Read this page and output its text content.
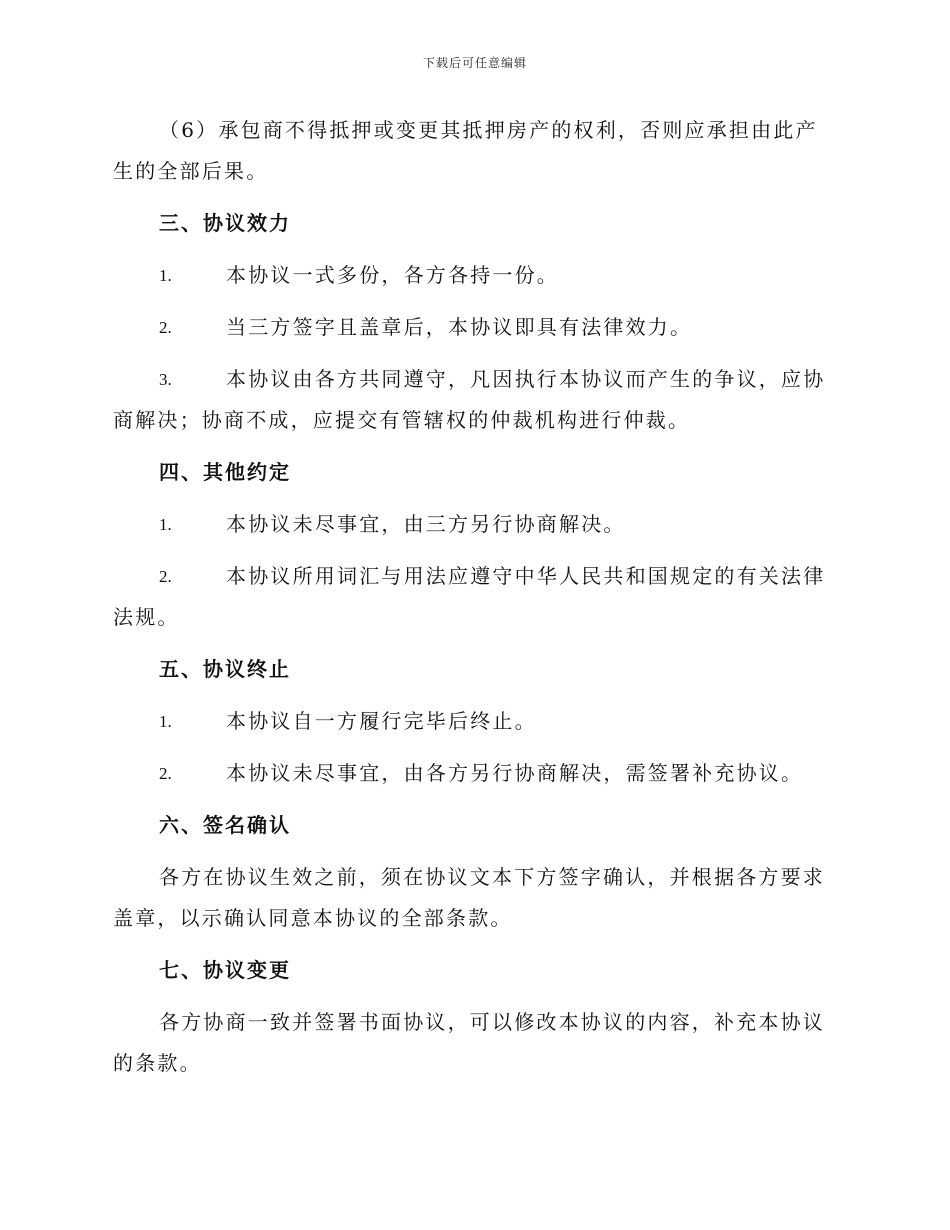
下载后可任意编辑

（6）承包商不得抵押或变更其抵押房产的权利，否则应承担由此产生的全部后果。

三、协议效力

1.	本协议一式多份，各方各持一份。
2.	当三方签字且盖章后，本协议即具有法律效力。
3.	本协议由各方共同遵守，凡因执行本协议而产生的争议，应协商解决；协商不成，应提交有管辖权的仲裁机构进行仲裁。

四、其他约定

1.	本协议未尽事宜，由三方另行协商解决。
2.	本协议所用词汇与用法应遵守中华人民共和国规定的有关法律法规。

五、协议终止

1.	本协议自一方履行完毕后终止。
2.	本协议未尽事宜，由各方另行协商解决，需签署补充协议。

六、签名确认

各方在协议生效之前，须在协议文本下方签字确认，并根据各方要求盖章，以示确认同意本协议的全部条款。

七、协议变更

各方协商一致并签署书面协议，可以修改本协议的内容，补充本协议的条款。
